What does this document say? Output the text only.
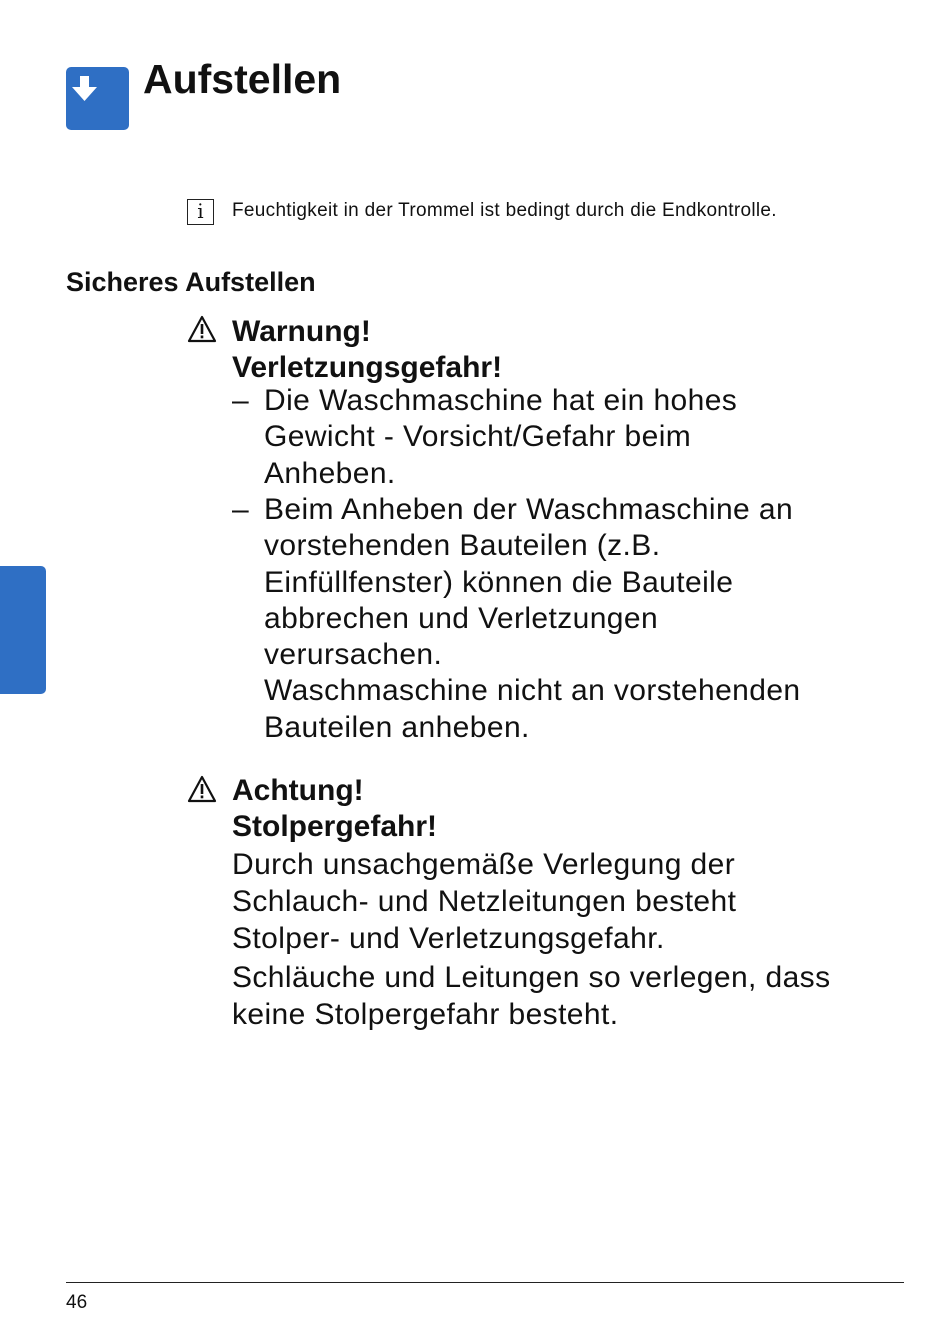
Aufstellen
i	Feuchtigkeit in der Trommel ist bedingt durch die Endkontrolle.
Sicheres Aufstellen
Warnung!
Verletzungsgefahr!
– Die Waschmaschine hat ein hohes
Gewicht - Vorsicht/Gefahr beim
Anheben.
– Beim Anheben der Waschmaschine an
vorstehenden Bauteilen (z.B.
Einfüllfenster) können die Bauteile
abbrechen und Verletzungen
verursachen.
Waschmaschine nicht an vorstehenden
Bauteilen anheben.
Achtung!
Stolpergefahr!
Durch unsachgemäße Verlegung der
Schlauch- und Netzleitungen besteht
Stolper- und Verletzungsgefahr.
Schläuche und Leitungen so verlegen, dass
keine Stolpergefahr besteht.
46
